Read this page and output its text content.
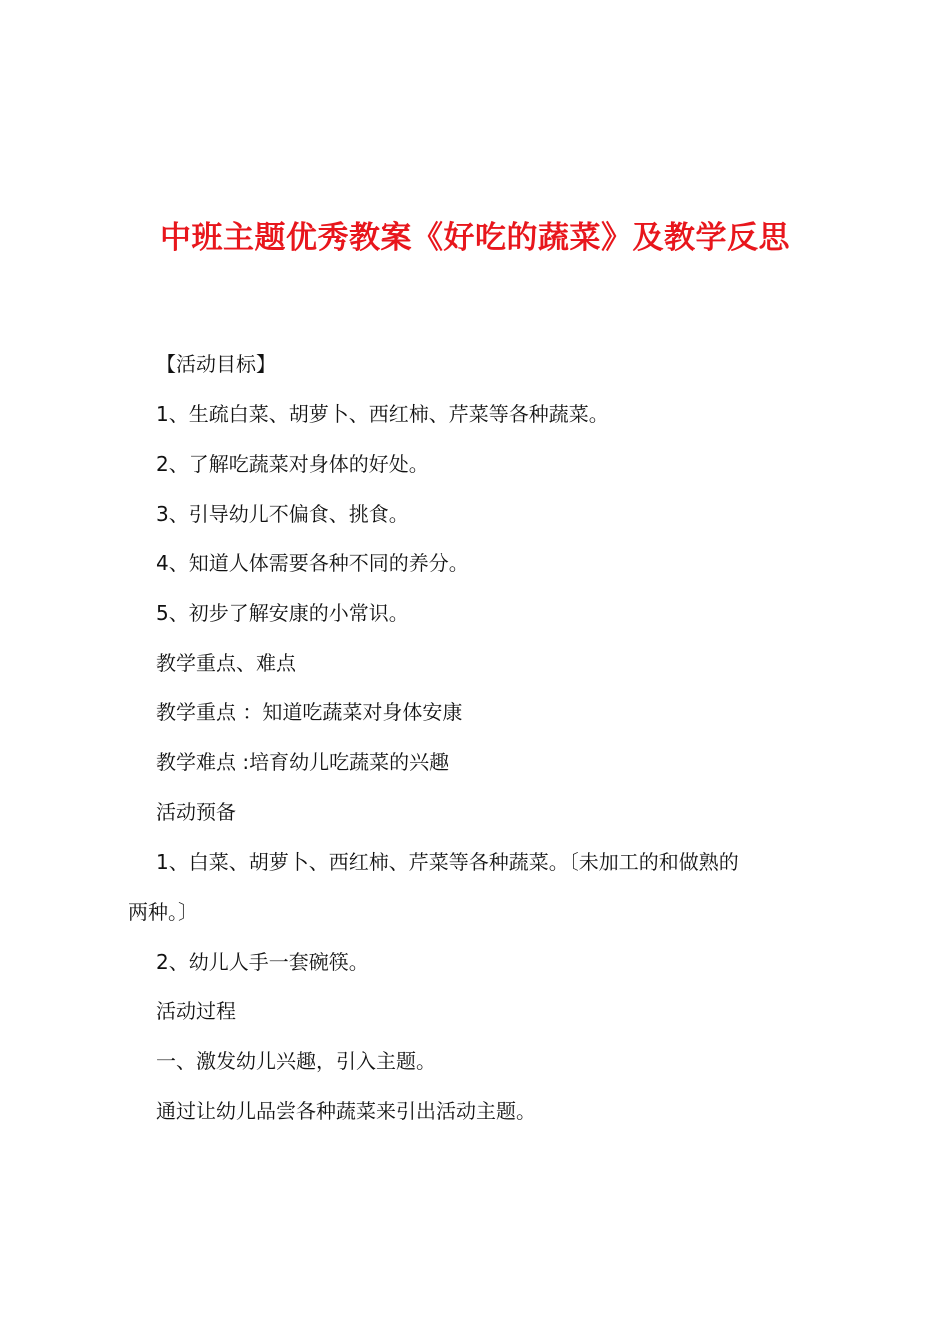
中班主题优秀教案《好吃的蔬菜》及教学反思
【活动目标】
1、生疏白菜、胡萝卜、西红柿、芹菜等各种蔬菜。
2、了解吃蔬菜对身体的好处。
3、引导幼儿不偏食、挑食。
4、知道人体需要各种不同的养分。
5、初步了解安康的小常识。
教学重点、难点
教学重点 ：知道吃蔬菜对身体安康
教学难点 :培育幼儿吃蔬菜的兴趣
活动预备
1、白菜、胡萝卜、西红柿、芹菜等各种蔬菜。〔未加工的和做熟的
两种。〕
2、幼儿人手一套碗筷。
活动过程
一、激发幼儿兴趣，引入主题。
通过让幼儿品尝各种蔬菜来引出活动主题。
